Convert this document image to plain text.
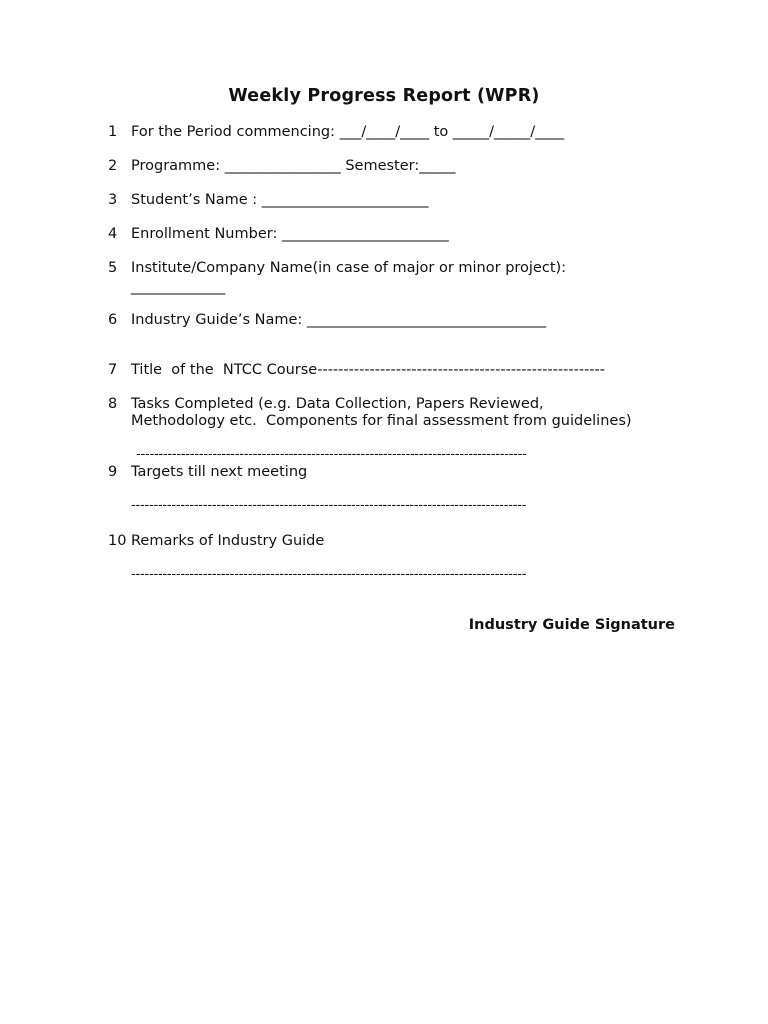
Weekly Progress Report (WPR)
1 For the Period commencing: ___/____/____ to _____/_____/____
2 Programme: ________________ Semester:_____
3 Student’s Name : _______________________
4 Enrollment Number: _______________________
5 Institute/Company Name(in case of major or minor project):
_____________
6 Industry Guide’s Name: _________________________________
7 Title  of the  NTCC Course-------------------------------------------------------
8 Tasks Completed (e.g. Data Collection, Papers Reviewed,
Methodology etc.  Components for final assessment from guidelines)
---------------------------------------------------------------------------------------
9 Targets till next meeting
----------------------------------------------------------------------------------------
10 Remarks of Industry Guide
----------------------------------------------------------------------------------------
Industry Guide Signature
